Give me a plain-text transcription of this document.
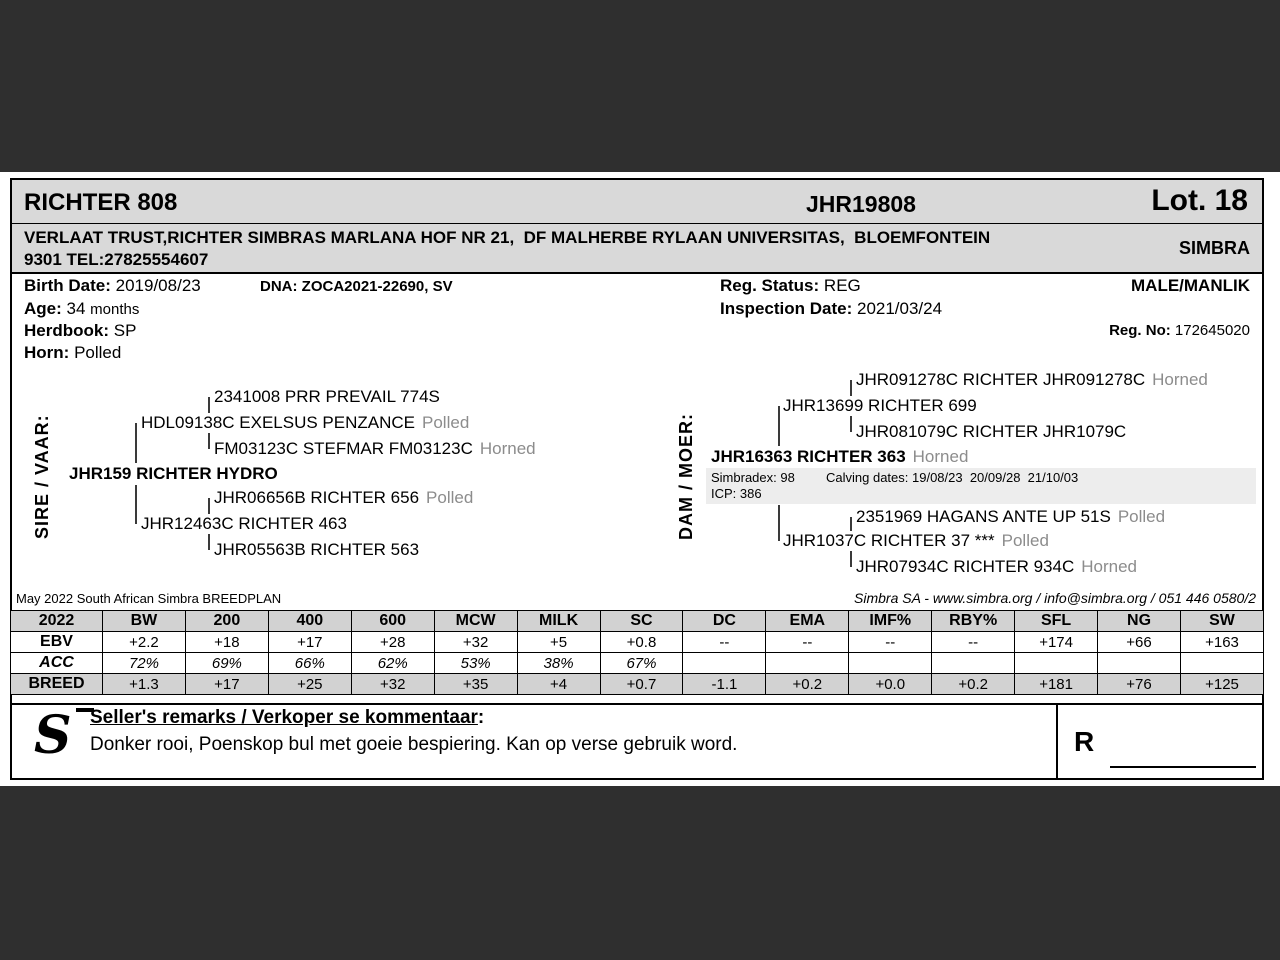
RICHTER 808	JHR19808	Lot. 18
VERLAAT TRUST,RICHTER SIMBRAS MARLANA HOF NR 21,  DF MALHERBE RYLAAN UNIVERSITAS,  BLOEMFONTEIN
9301 TEL:27825554607
SIMBRA
Birth Date: 2019/08/23	DNA: ZOCA2021-22690, SV	Reg. Status: REG	MALE/MANLIK
Age: 34 months	Inspection Date: 2021/03/24
Herdbook: SP	Reg. No: 172645020
Horn: Polled
SIRE / VAAR:
2341008 PRR PREVAIL 774S
HDL09138C EXELSUS PENZANCE Polled
FM03123C STEFMAR FM03123C Horned
JHR159 RICHTER HYDRO
JHR06656B RICHTER 656 Polled
JHR12463C RICHTER 463
JHR05563B RICHTER 563
DAM / MOER:
JHR091278C RICHTER JHR091278C Horned
JHR13699 RICHTER 699
JHR081079C RICHTER JHR1079C
JHR16363 RICHTER 363 Horned
Simbradex: 98 Calving dates: 19/08/23  20/09/28  21/10/03
ICP: 386
2351969 HAGANS ANTE UP 51S Polled
JHR1037C RICHTER 37 *** Polled
JHR07934C RICHTER 934C Horned
May 2022 South African Simbra BREEDPLAN	Simbra SA - www.simbra.org / info@simbra.org / 051 446 0580/2
2022	BW	200	400	600	MCW	MILK	SC	DC	EMA	IMF%	RBY%	SFL	NG	SW
EBV	+2.2	+18	+17	+28	+32	+5	+0.8	--	--	--	--	+174	+66	+163
ACC	72%	69%	66%	62%	53%	38%	67%							
BREED	+1.3	+17	+25	+32	+35	+4	+0.7	-1.1	+0.2	+0.0	+0.2	+181	+76	+125
S Seller's remarks / Verkoper se kommentaar:
Donker rooi, Poenskop bul met goeie bespiering. Kan op verse gebruik word.	R
